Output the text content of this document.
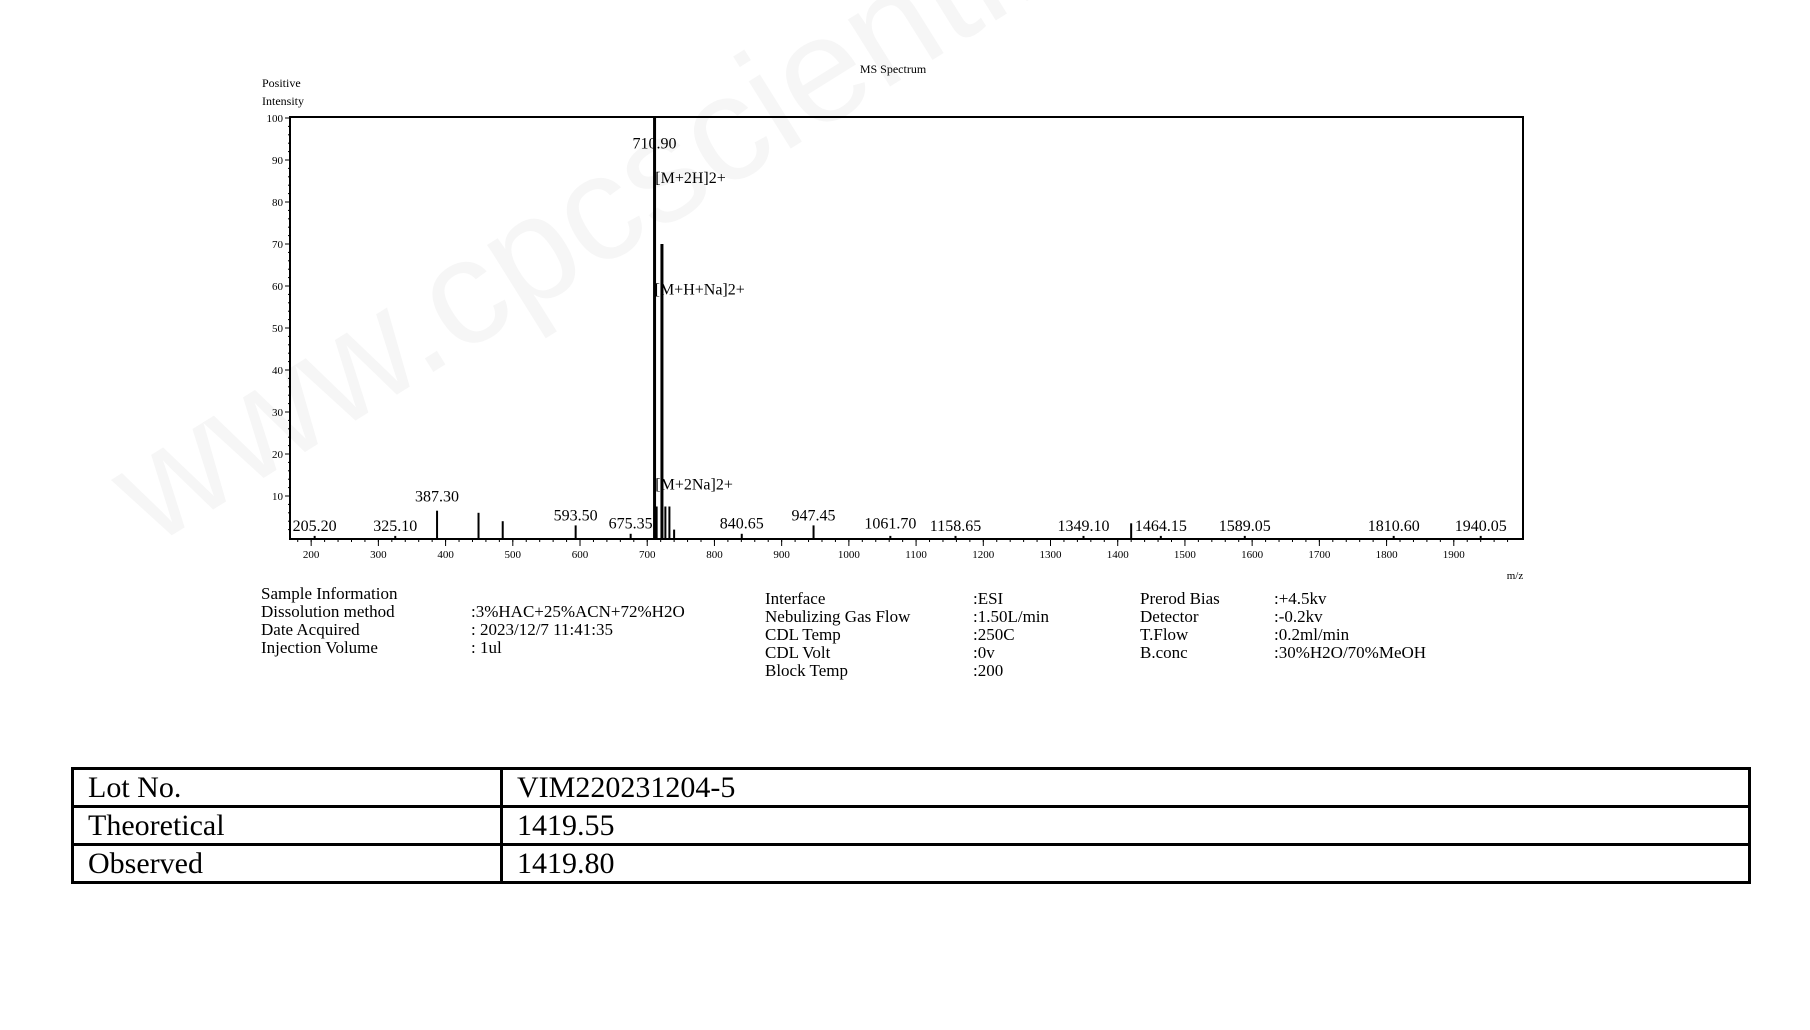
MS Spectrum
Positive
Intensity
10
20
30
40
50
60
70
80
90
100
200	300	400	500	600	700	800	900	1000	1100	1200	1300	1400	1500	1600	1700	1800	1900
205.20 325.10
387.30
593.50 675.35
710.90
840.65 947.45 1061.70 1158.65	1349.10 1464.15 1589.05	1810.60 1940.05
[M+2H]2+
[M+H+Na]2+
[M+2Na]2+
m/z
Sample Information
Dissolution method	:3%HAC+25%ACN+72%H2O
Date Acquired	: 2023/12/7 11:41:35
Injection Volume	: 1ul
Interface	:ESI
Nebulizing Gas Flow	:1.50L/min
CDL Temp	:250C
CDL Volt	:0v
Block Temp	:200
Prerod Bias	:+4.5kv
Detector	:-0.2kv
T.Flow	:0.2ml/min
B.conc	:30%H2O/70%MeOH
Lot No.	VIM220231204-5
Theoretical	1419.55
Observed	1419.80
